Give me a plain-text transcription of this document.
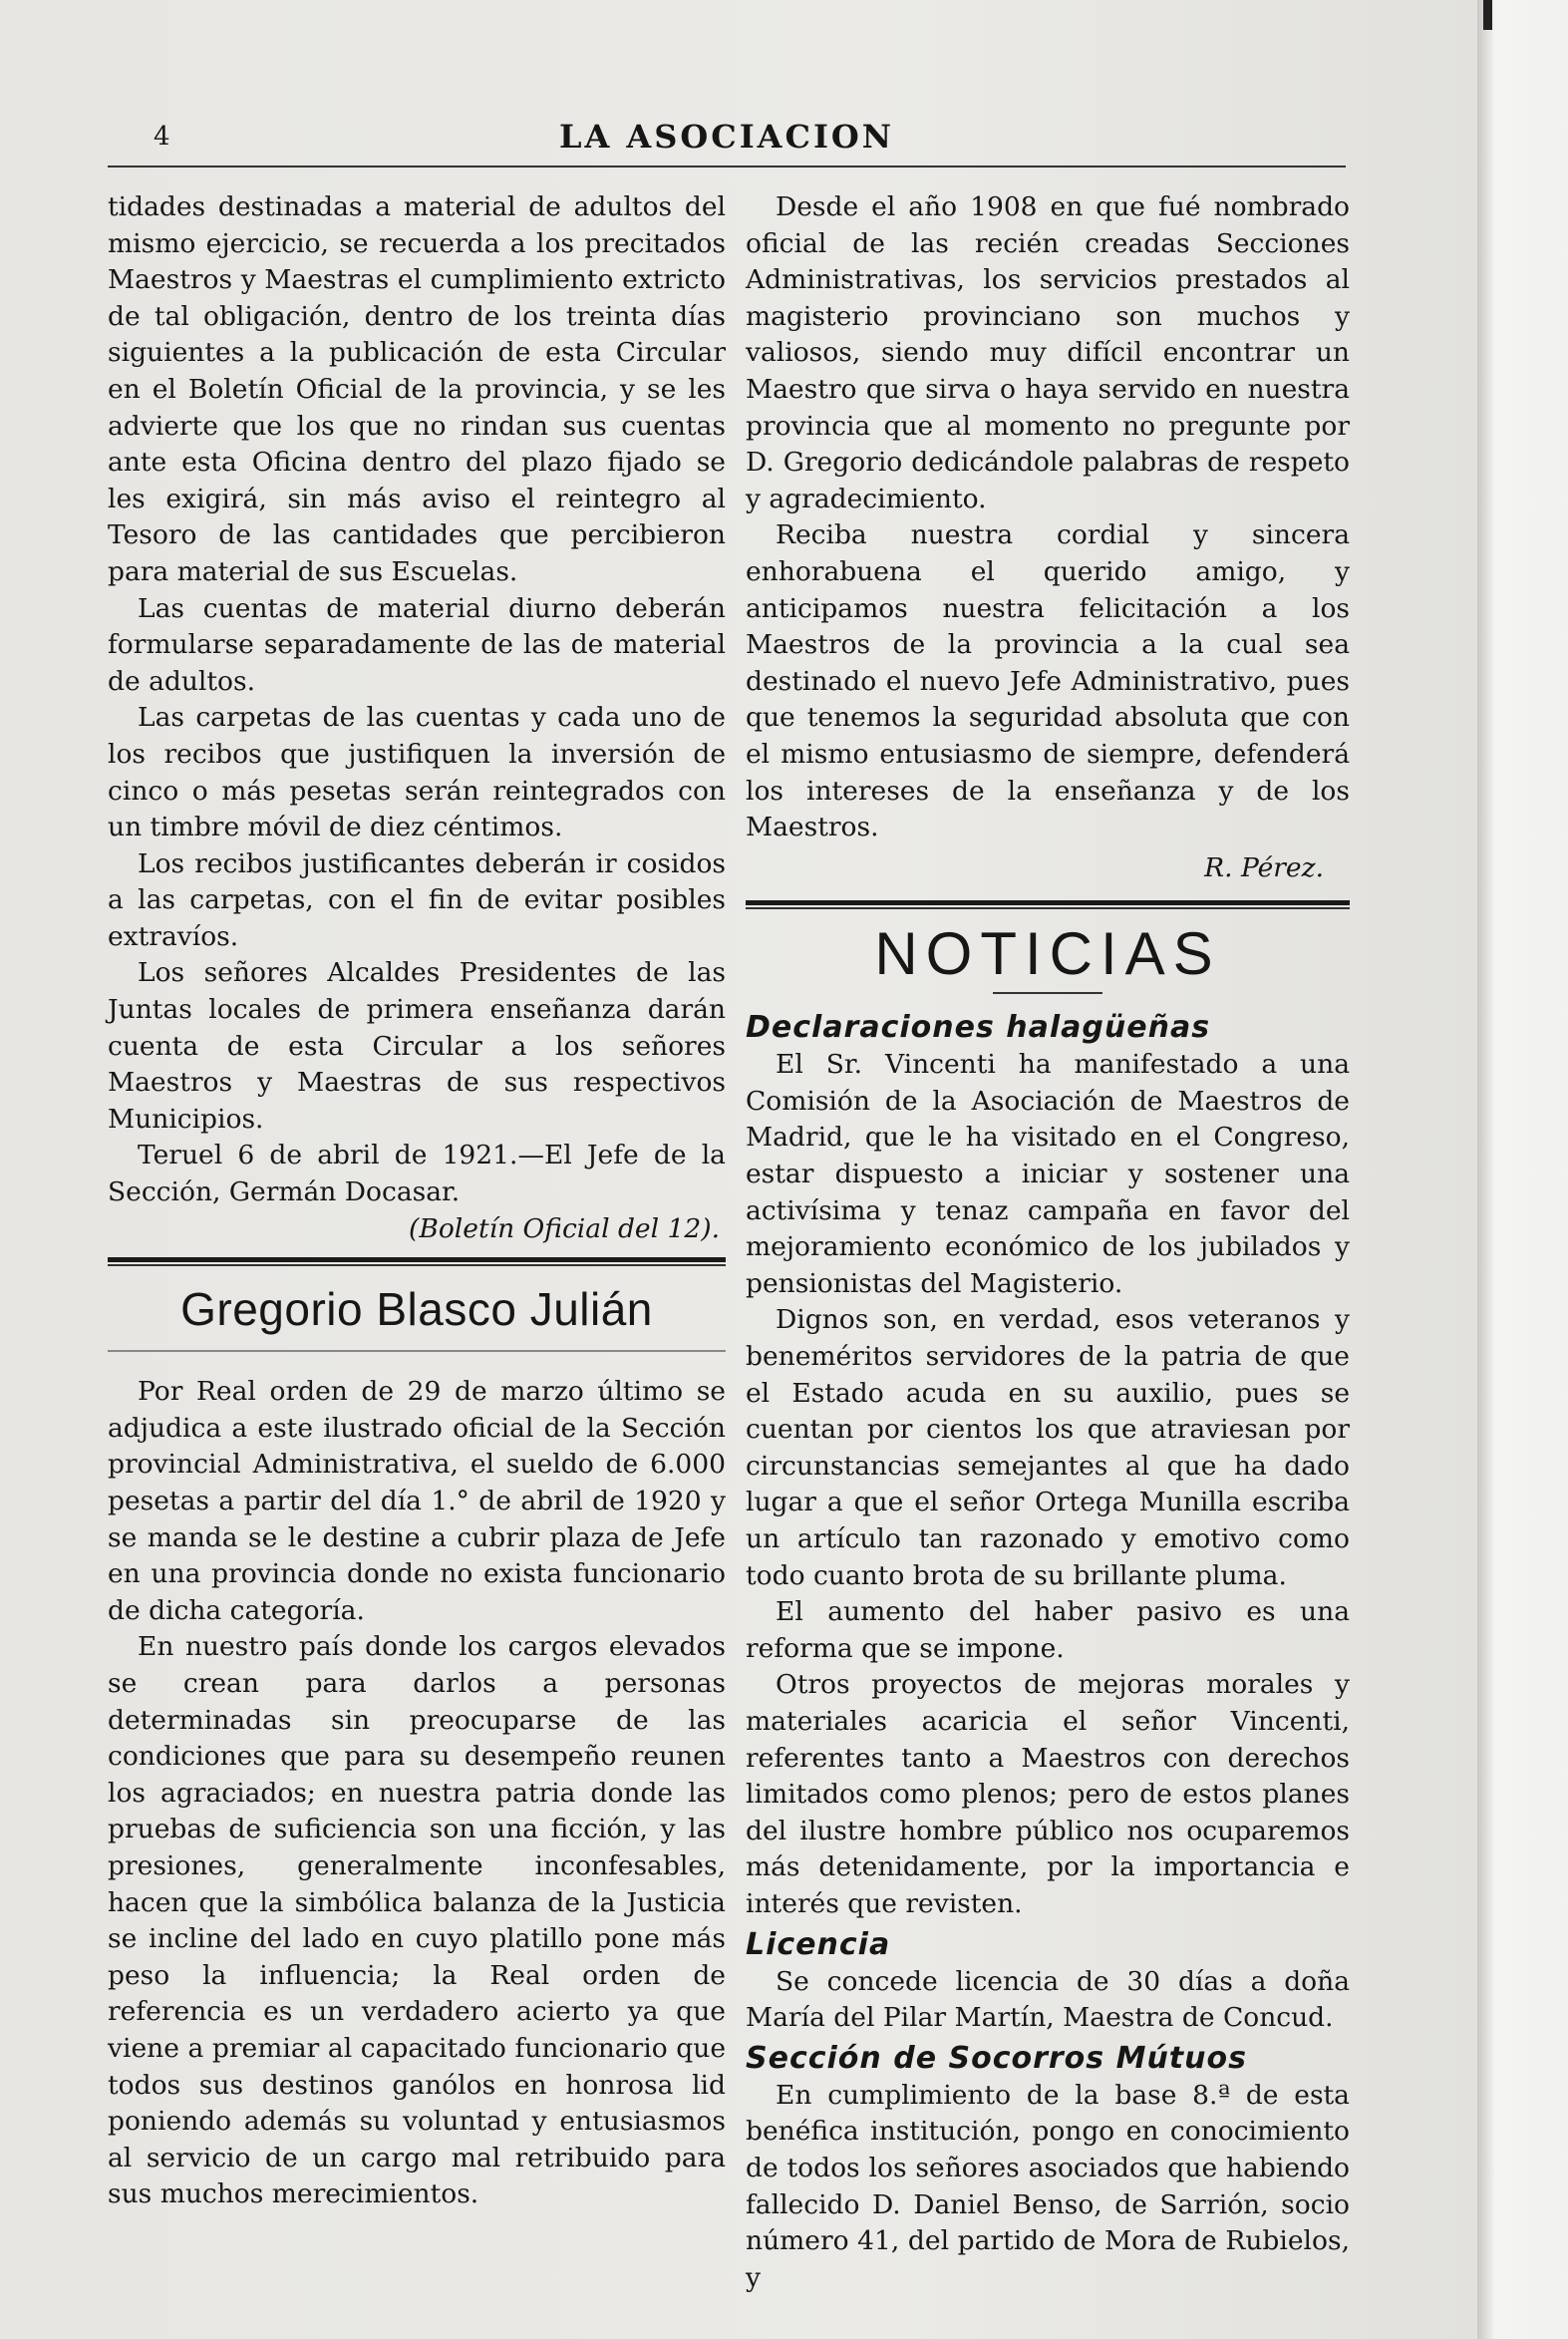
4	LA ASOCIACION

tidades destinadas a material de adultos del mismo ejercicio, se recuerda a los precitados Maestros y Maestras el cumplimiento extricto de tal obligación, dentro de los treinta días siguientes a la publicación de esta Circular en el Boletín Oficial de la provincia, y se les advierte que los que no rindan sus cuentas ante esta Oficina dentro del plazo fijado se les exigirá, sin más aviso el reintegro al Tesoro de las cantidades que percibieron para material de sus Escuelas.

Las cuentas de material diurno deberán formularse separadamente de las de material de adultos.

Las carpetas de las cuentas y cada uno de los recibos que justifiquen la inversión de cinco o más pesetas serán reintegrados con un timbre móvil de diez céntimos.

Los recibos justificantes deberán ir cosidos a las carpetas, con el fin de evitar posibles extravíos.

Los señores Alcaldes Presidentes de las Juntas locales de primera enseñanza darán cuenta de esta Circular a los señores Maestros y Maestras de sus respectivos Municipios.

Teruel 6 de abril de 1921.—El Jefe de la Sección, Germán Docasar.

(Boletín Oficial del 12).

Gregorio Blasco Julián

Por Real orden de 29 de marzo último se adjudica a este ilustrado oficial de la Sección provincial Administrativa, el sueldo de 6.000 pesetas a partir del día 1.° de abril de 1920 y se manda se le destine a cubrir plaza de Jefe en una provincia donde no exista funcionario de dicha categoría.

En nuestro país donde los cargos elevados se crean para darlos a personas determinadas sin preocuparse de las condiciones que para su desempeño reunen los agraciados; en nuestra patria donde las pruebas de suficiencia son una ficción, y las presiones, generalmente inconfesables, hacen que la simbólica balanza de la Justicia se incline del lado en cuyo platillo pone más peso la influencia; la Real orden de referencia es un verdadero acierto ya que viene a premiar al capacitado funcionario que todos sus destinos ganólos en honrosa lid poniendo además su voluntad y entusiasmos al servicio de un cargo mal retribuido para sus muchos merecimientos.

Desde el año 1908 en que fué nombrado oficial de las recién creadas Secciones Administrativas, los servicios prestados al magisterio provinciano son muchos y valiosos, siendo muy difícil encontrar un Maestro que sirva o haya servido en nuestra provincia que al momento no pregunte por D. Gregorio dedicándole palabras de respeto y agradecimiento.

Reciba nuestra cordial y sincera enhorabuena el querido amigo, y anticipamos nuestra felicitación a los Maestros de la provincia a la cual sea destinado el nuevo Jefe Administrativo, pues que tenemos la seguridad absoluta que con el mismo entusiasmo de siempre, defenderá los intereses de la enseñanza y de los Maestros.

R. Pérez.

NOTICIAS
Declaraciones halagüeñas

El Sr. Vincenti ha manifestado a una Comisión de la Asociación de Maestros de Madrid, que le ha visitado en el Congreso, estar dispuesto a iniciar y sostener una activísima y tenaz campaña en favor del mejoramiento económico de los jubilados y pensionistas del Magisterio.

Dignos son, en verdad, esos veteranos y beneméritos servidores de la patria de que el Estado acuda en su auxilio, pues se cuentan por cientos los que atraviesan por circunstancias semejantes al que ha dado lugar a que el señor Ortega Munilla escriba un artículo tan razonado y emotivo como todo cuanto brota de su brillante pluma.

El aumento del haber pasivo es una reforma que se impone.

Otros proyectos de mejoras morales y materiales acaricia el señor Vincenti, referentes tanto a Maestros con derechos limitados como plenos; pero de estos planes del ilustre hombre público nos ocuparemos más detenidamente, por la importancia e interés que revisten.

Licencia

Se concede licencia de 30 días a doña María del Pilar Martín, Maestra de Concud.

Sección de Socorros Mútuos

En cumplimiento de la base 8.ª de esta benéfica institución, pongo en conocimiento de todos los señores asociados que habiendo fallecido D. Daniel Benso, de Sarrión, socio número 41, del partido de Mora de Rubielos, y
